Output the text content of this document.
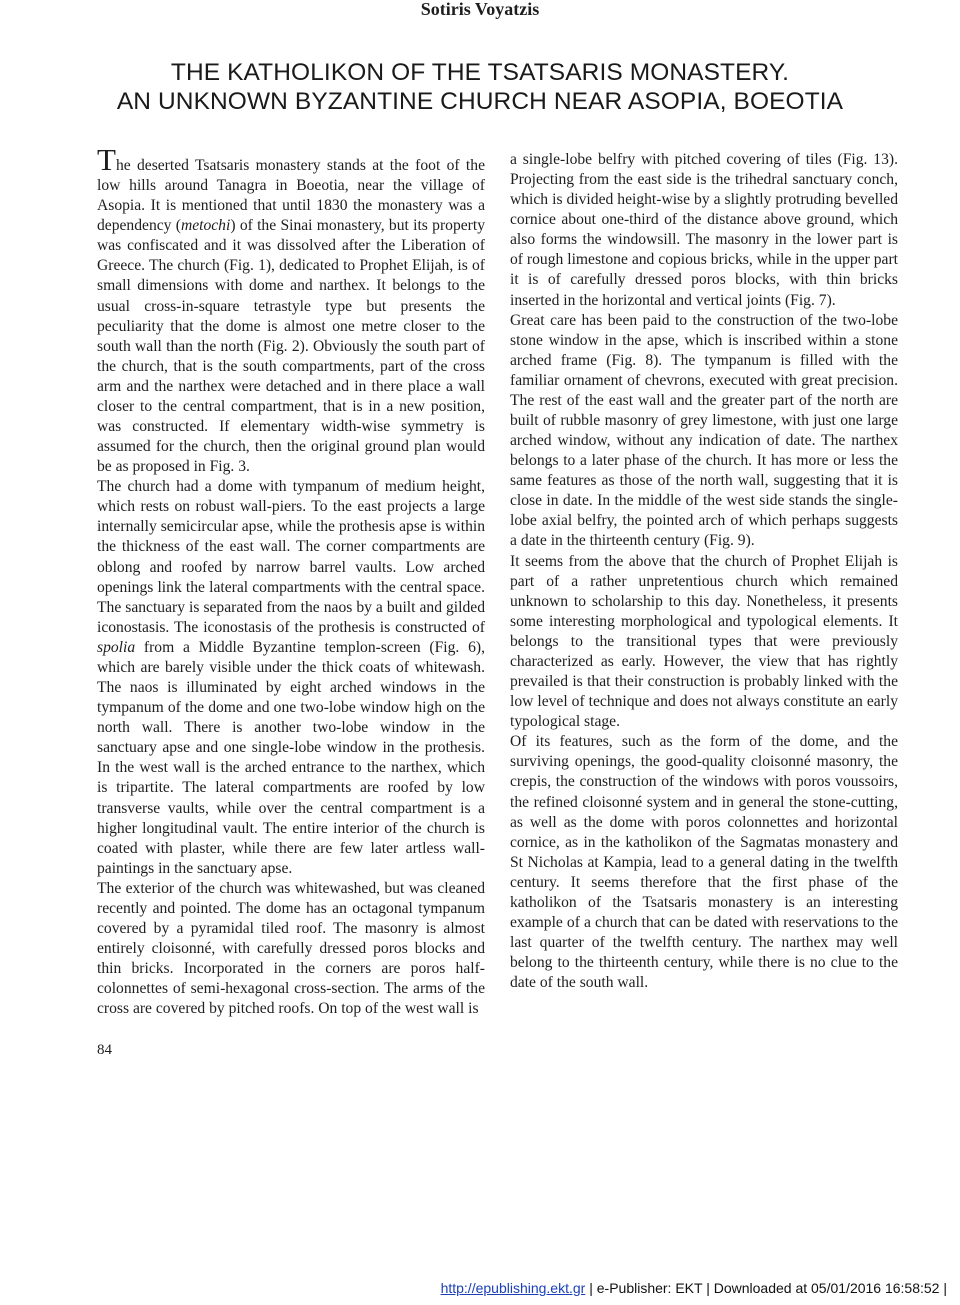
Sotiris Voyatzis
THE KATHOLIKON OF THE TSATSARIS MONASTERY.
AN UNKNOWN BYZANTINE CHURCH NEAR ASOPIA, BOEOTIA

The deserted Tsatsaris monastery stands at the foot of the low hills around Tanagra in Boeotia, near the village of Asopia. It is mentioned that until 1830 the monastery was a dependency (metochi) of the Sinai monastery, but its property was confiscated and it was dissolved after the Liberation of Greece. The church (Fig. 1), dedicated to Prophet Elijah, is of small dimensions with dome and narthex. It belongs to the usual cross-in-square tetrastyle type but presents the peculiarity that the dome is almost one metre closer to the south wall than the north (Fig. 2). Obviously the south part of the church, that is the south compartments, part of the cross arm and the narthex were detached and in there place a wall closer to the central compartment, that is in a new position, was constructed. If elementary width-wise symmetry is assumed for the church, then the original ground plan would be as proposed in Fig. 3.

The church had a dome with tympanum of medium height, which rests on robust wall-piers. To the east projects a large internally semicircular apse, while the prothesis apse is within the thickness of the east wall. The corner compartments are oblong and roofed by narrow barrel vaults. Low arched openings link the lateral compartments with the central space. The sanctuary is separated from the naos by a built and gilded iconostasis. The iconostasis of the prothesis is constructed of spolia from a Middle Byzantine templon-screen (Fig. 6), which are barely visible under the thick coats of whitewash. The naos is illuminated by eight arched windows in the tympanum of the dome and one two-lobe window high on the north wall. There is another two-lobe window in the sanctuary apse and one single-lobe window in the prothesis. In the west wall is the arched entrance to the narthex, which is tripartite. The lateral compartments are roofed by low transverse vaults, while over the central compartment is a higher longitudinal vault. The entire interior of the church is coated with plaster, while there are few later artless wall-paintings in the sanctuary apse.

The exterior of the church was whitewashed, but was cleaned recently and pointed. The dome has an octagonal tympanum covered by a pyramidal tiled roof. The masonry is almost entirely cloisonné, with carefully dressed poros blocks and thin bricks. Incorporated in the corners are poros half-colonnettes of semi-hexagonal cross-section. The arms of the cross are covered by pitched roofs. On top of the west wall is

a single-lobe belfry with pitched covering of tiles (Fig. 13). Projecting from the east side is the trihedral sanctuary conch, which is divided height-wise by a slightly protruding bevelled cornice about one-third of the distance above ground, which also forms the windowsill. The masonry in the lower part is of rough limestone and copious bricks, while in the upper part it is of carefully dressed poros blocks, with thin bricks inserted in the horizontal and vertical joints (Fig. 7).

Great care has been paid to the construction of the two-lobe stone window in the apse, which is inscribed within a stone arched frame (Fig. 8). The tympanum is filled with the familiar ornament of chevrons, executed with great precision. The rest of the east wall and the greater part of the north are built of rubble masonry of grey limestone, with just one large arched window, without any indication of date. The narthex belongs to a later phase of the church. It has more or less the same features as those of the north wall, suggesting that it is close in date. In the middle of the west side stands the single-lobe axial belfry, the pointed arch of which perhaps suggests a date in the thirteenth century (Fig. 9).

It seems from the above that the church of Prophet Elijah is part of a rather unpretentious church which remained unknown to scholarship to this day. Nonetheless, it presents some interesting morphological and typological elements. It belongs to the transitional types that were previously characterized as early. However, the view that has rightly prevailed is that their construction is probably linked with the low level of technique and does not always constitute an early typological stage.

Of its features, such as the form of the dome, and the surviving openings, the good-quality cloisonné masonry, the crepis, the construction of the windows with poros voussoirs, the refined cloisonné system and in general the stone-cutting, as well as the dome with poros colonnettes and horizontal cornice, as in the katholikon of the Sagmatas monastery and St Nicholas at Kampia, lead to a general dating in the twelfth century. It seems therefore that the first phase of the katholikon of the Tsatsaris monastery is an interesting example of a church that can be dated with reservations to the last quarter of the twelfth century. The narthex may well belong to the thirteenth century, while there is no clue to the date of the south wall.

84
http://epublishing.ekt.gr | e-Publisher: EKT | Downloaded at 05/01/2016 16:58:52 |
